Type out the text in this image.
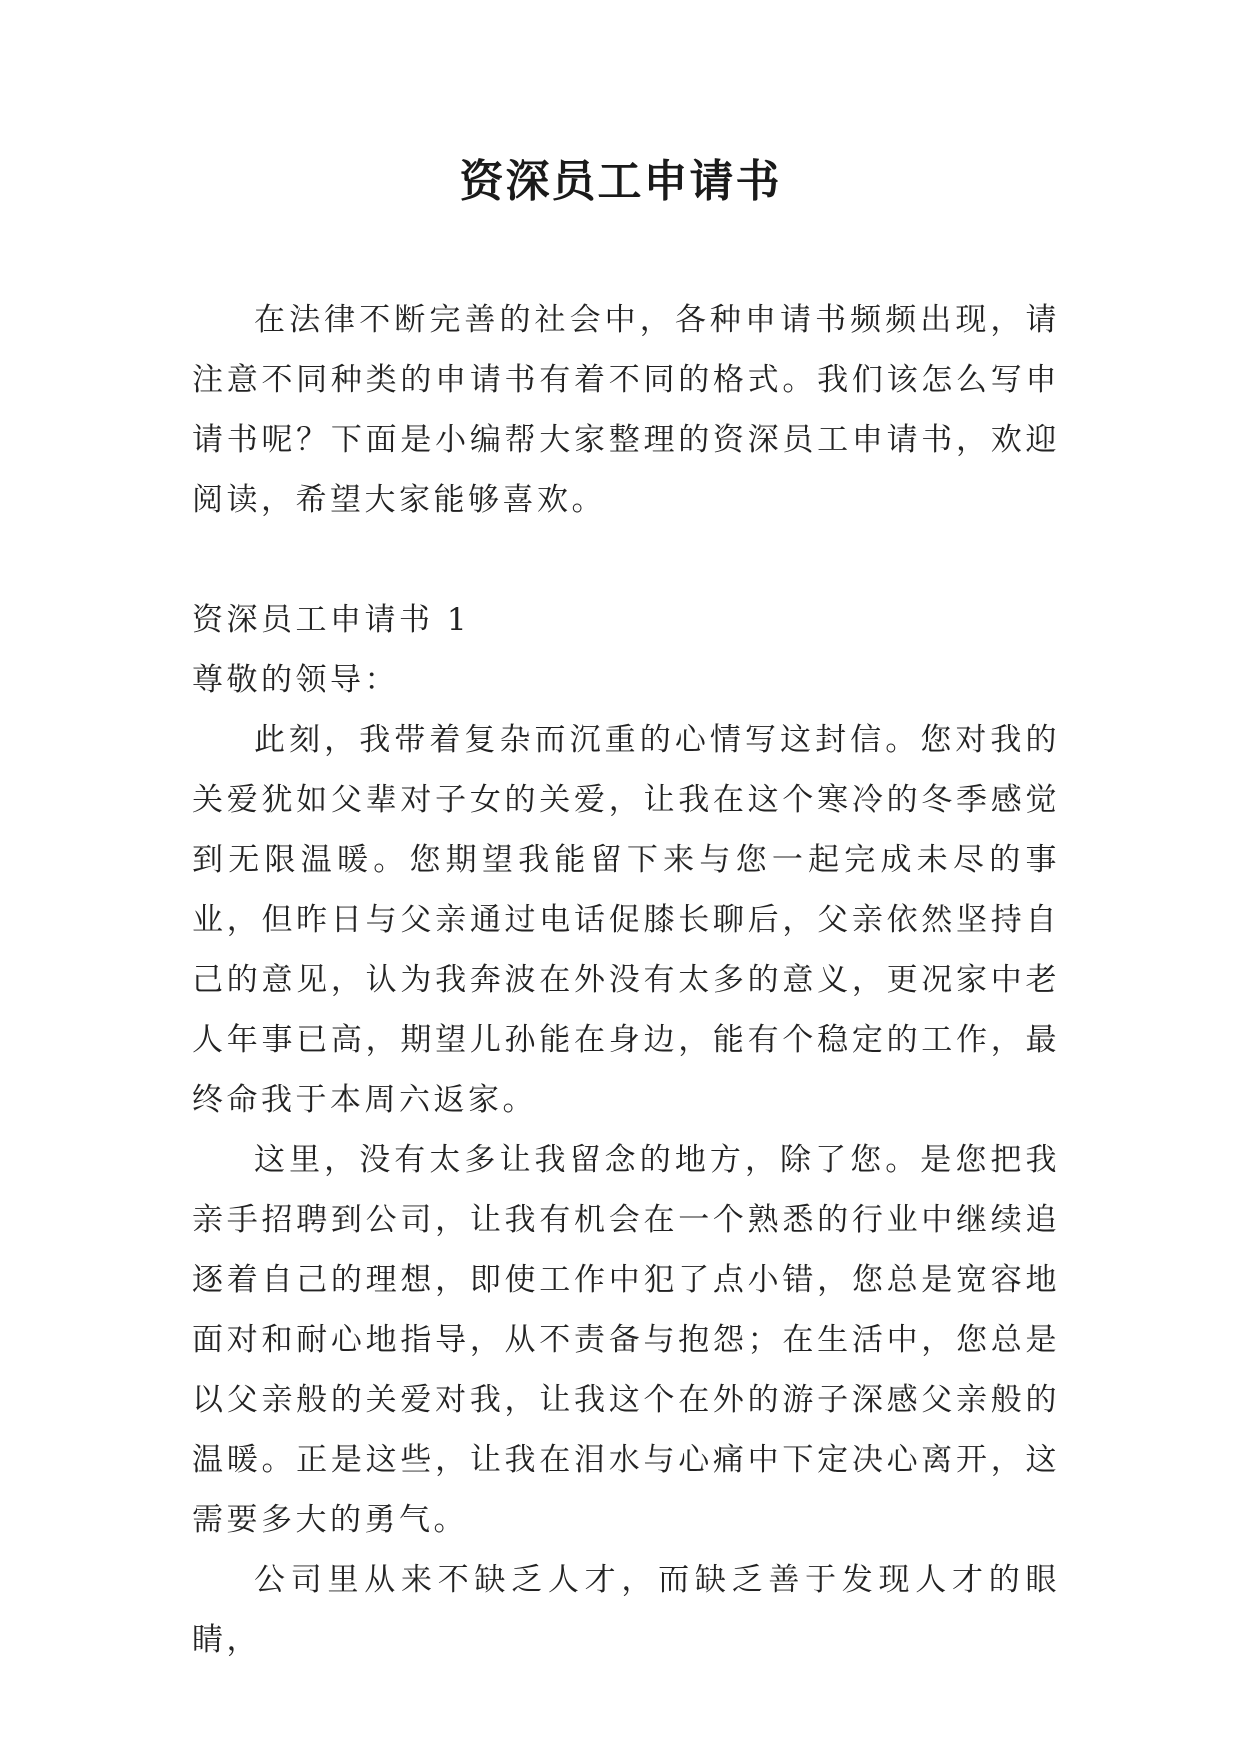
资深员工申请书

在法律不断完善的社会中，各种申请书频频出现，请注意不同种类的申请书有着不同的格式。我们该怎么写申请书呢？下面是小编帮大家整理的资深员工申请书，欢迎阅读，希望大家能够喜欢。

资深员工申请书 1

尊敬的领导：

此刻，我带着复杂而沉重的心情写这封信。您对我的关爱犹如父辈对子女的关爱，让我在这个寒冷的冬季感觉到无限温暖。您期望我能留下来与您一起完成未尽的事业，但昨日与父亲通过电话促膝长聊后，父亲依然坚持自己的意见，认为我奔波在外没有太多的意义，更况家中老人年事已高，期望儿孙能在身边，能有个稳定的工作，最终命我于本周六返家。

这里，没有太多让我留念的地方，除了您。是您把我亲手招聘到公司，让我有机会在一个熟悉的行业中继续追逐着自己的理想，即使工作中犯了点小错，您总是宽容地面对和耐心地指导，从不责备与抱怨；在生活中，您总是以父亲般的关爱对我，让我这个在外的游子深感父亲般的温暖。正是这些，让我在泪水与心痛中下定决心离开，这需要多大的勇气。

公司里从来不缺乏人才，而缺乏善于发现人才的眼睛，
